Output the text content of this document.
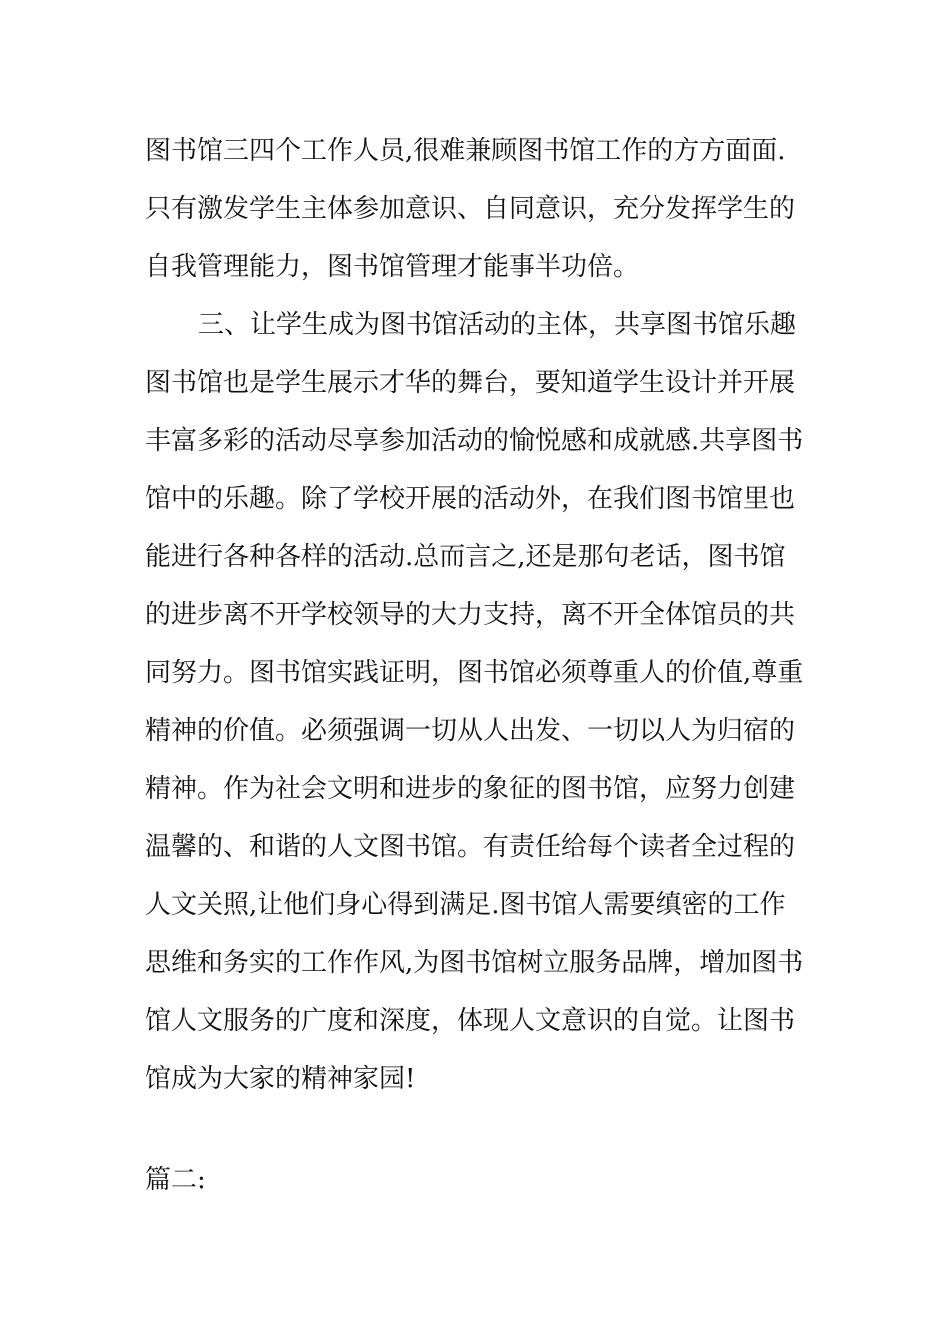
图书馆三四个工作人员,很难兼顾图书馆工作的方方面面.
只有激发学生主体参加意识、自同意识，充分发挥学生的
自我管理能力，图书馆管理才能事半功倍。
三、让学生成为图书馆活动的主体，共享图书馆乐趣
图书馆也是学生展示才华的舞台，要知道学生设计并开展
丰富多彩的活动尽享参加活动的愉悦感和成就感.共享图书
馆中的乐趣。除了学校开展的活动外，在我们图书馆里也
能进行各种各样的活动.总而言之,还是那句老话，图书馆
的进步离不开学校领导的大力支持，离不开全体馆员的共
同努力。图书馆实践证明，图书馆必须尊重人的价值,尊重
精神的价值。必须强调一切从人出发、一切以人为归宿的
精神。作为社会文明和进步的象征的图书馆，应努力创建
温馨的、和谐的人文图书馆。有责任给每个读者全过程的
人文关照,让他们身心得到满足.图书馆人需要缜密的工作
思维和务实的工作作风,为图书馆树立服务品牌，增加图书
馆人文服务的广度和深度，体现人文意识的自觉。让图书
馆成为大家的精神家园!
篇二:
